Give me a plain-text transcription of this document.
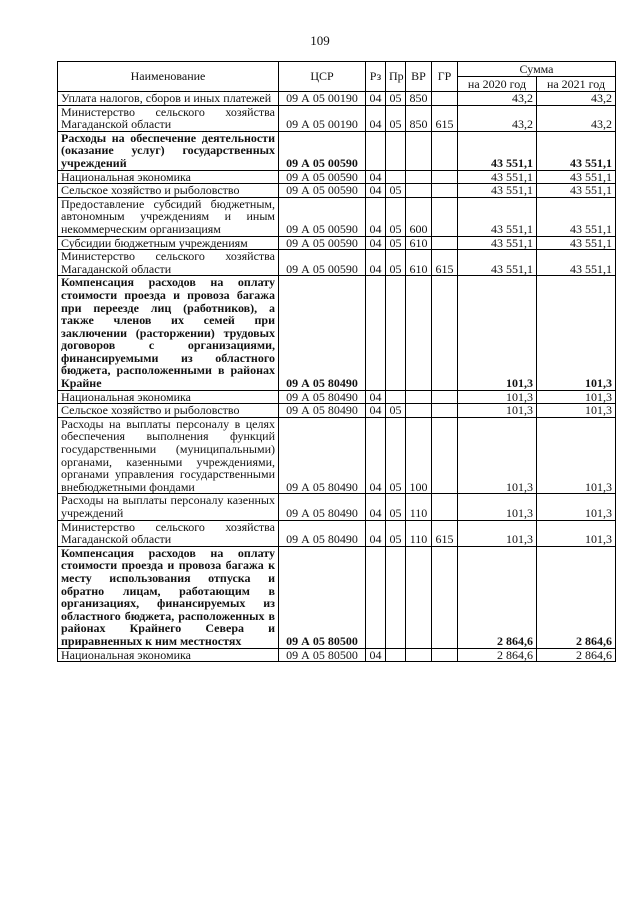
109
Наименование	ЦСР	Рз	Пр	ВР	ГР	Сумма	
						на 2020 год	на 2021 год
Уплата налогов, сборов и иных платежей	09 А 05 00190	04	05	850		43,2	43,2
Министерство сельского хозяйства Магаданской области	09 А 05 00190	04	05	850	615	43,2	43,2
Расходы на обеспечение деятельности (оказание услуг) государственных учреждений	09 А 05 00590					43 551,1	43 551,1
Национальная экономика	09 А 05 00590	04				43 551,1	43 551,1
Сельское хозяйство и рыболовство	09 А 05 00590	04	05			43 551,1	43 551,1
Предоставление субсидий бюджетным, автономным учреждениям и иным некоммерческим организациям	09 А 05 00590	04	05	600		43 551,1	43 551,1
Субсидии бюджетным учреждениям	09 А 05 00590	04	05	610		43 551,1	43 551,1
Министерство сельского хозяйства Магаданской области	09 А 05 00590	04	05	610	615	43 551,1	43 551,1
Компенсация расходов на оплату стоимости проезда и провоза багажа при переезде лиц (работников), а также членов их семей при заключении (расторжении) трудовых договоров с организациями, финансируемыми из областного бюджета, расположенными в районах Крайне	09 А 05 80490					101,3	101,3
Национальная экономика	09 А 05 80490	04				101,3	101,3
Сельское хозяйство и рыболовство	09 А 05 80490	04	05			101,3	101,3
Расходы на выплаты персоналу в целях обеспечения выполнения функций государственными (муниципальными) органами, казенными учреждениями, органами управления государственными внебюджетными фондами	09 А 05 80490	04	05	100		101,3	101,3
Расходы на выплаты персоналу казенных учреждений	09 А 05 80490	04	05	110		101,3	101,3
Министерство сельского хозяйства Магаданской области	09 А 05 80490	04	05	110	615	101,3	101,3
Компенсация расходов на оплату стоимости проезда и провоза багажа к месту использования отпуска и обратно лицам, работающим в организациях, финансируемых из областного бюджета, расположенных в районах Крайнего Севера и приравненных к ним местностях	09 А 05 80500					2 864,6	2 864,6
Национальная экономика	09 А 05 80500	04				2 864,6	2 864,6
